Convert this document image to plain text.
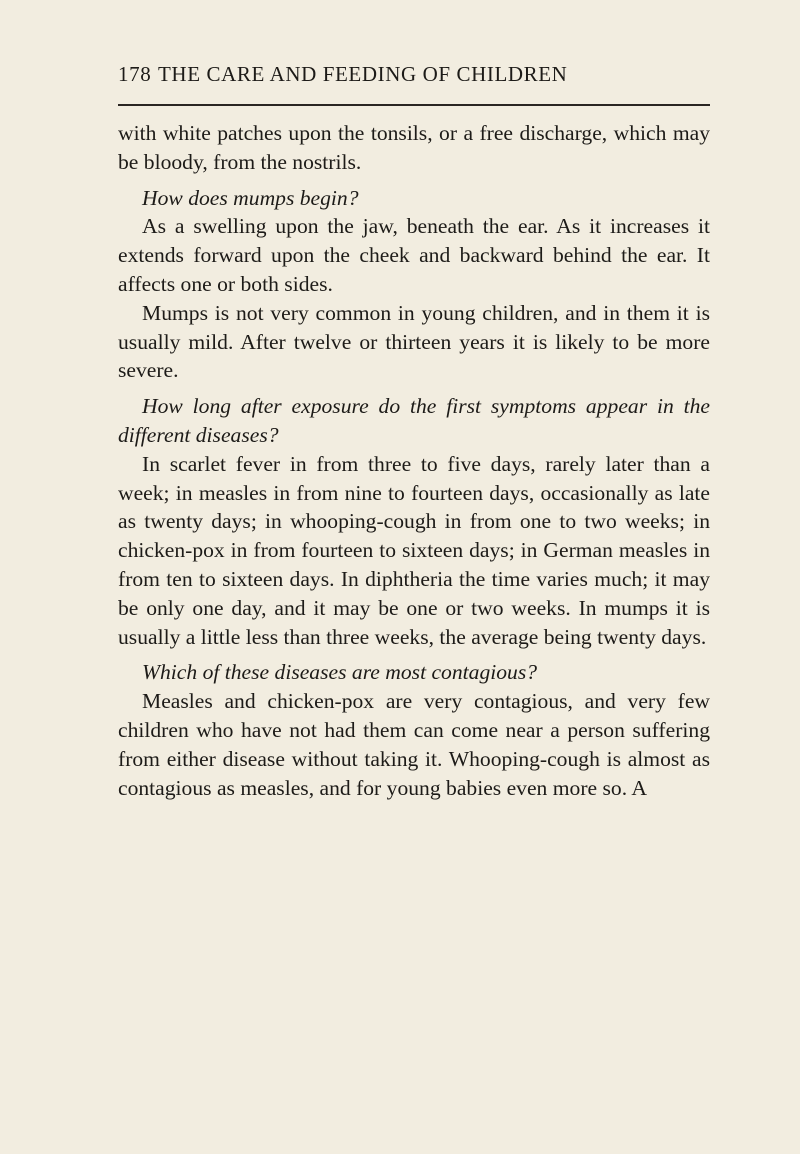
178 THE CARE AND FEEDING OF CHILDREN

with white patches upon the tonsils, or a free discharge, which may be bloody, from the nostrils.

How does mumps begin?

As a swelling upon the jaw, beneath the ear. As it increases it extends forward upon the cheek and backward behind the ear. It affects one or both sides.

Mumps is not very common in young children, and in them it is usually mild. After twelve or thirteen years it is likely to be more severe.

How long after exposure do the first symptoms appear in the different diseases?

In scarlet fever in from three to five days, rarely later than a week; in measles in from nine to fourteen days, occasionally as late as twenty days; in whooping-cough in from one to two weeks; in chicken-pox in from fourteen to sixteen days; in German measles in from ten to sixteen days. In diphtheria the time varies much; it may be only one day, and it may be one or two weeks. In mumps it is usually a little less than three weeks, the average being twenty days.

Which of these diseases are most contagious?

Measles and chicken-pox are very contagious, and very few children who have not had them can come near a person suffering from either disease without taking it. Whooping-cough is almost as contagious as measles, and for young babies even more so. A
